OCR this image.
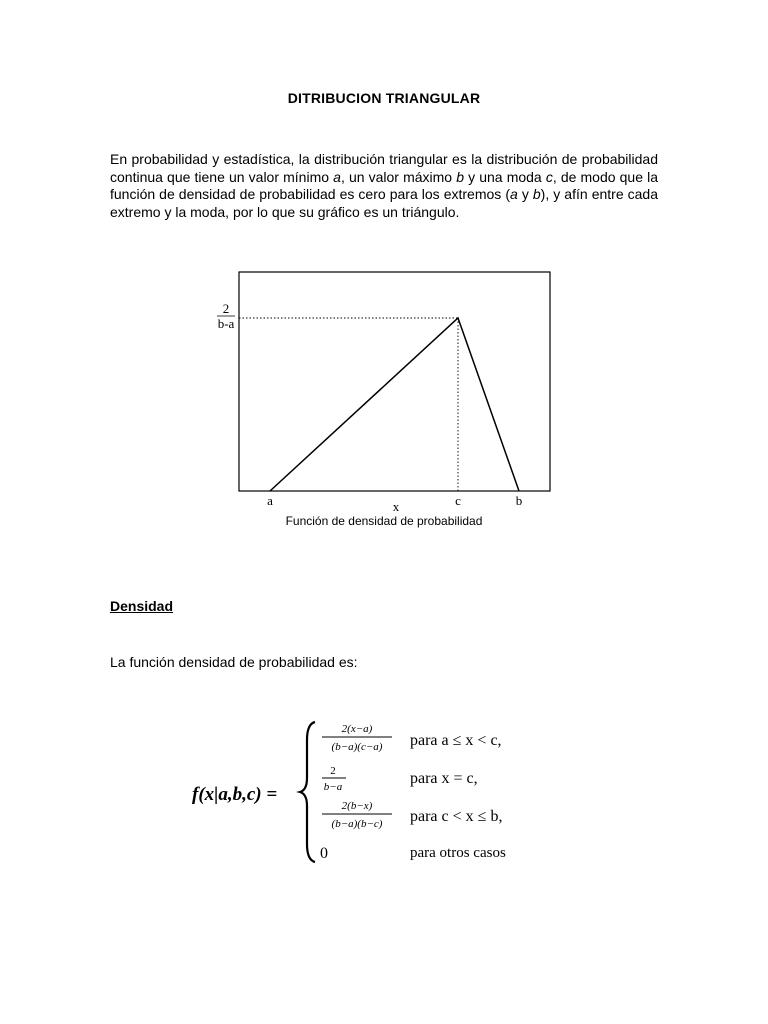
DITRIBUCION TRIANGULAR
En probabilidad y estadística, la distribución triangular es la distribución de probabilidad continua que tiene un valor mínimo a, un valor máximo b y una moda c, de modo que la función de densidad de probabilidad es cero para los extremos (a y b), y afín entre cada extremo y la moda, por lo que su gráfico es un triángulo.
2
b-a
a	c	b
x
Función de densidad de probabilidad
Densidad
La función densidad de probabilidad es:
f(x|a,b,c) =
2(x−a)
(b−a)(c−a) para a ≤ x < c,
2
b−a	para x = c,
2(b−x)
(b−a)(b−c) para c < x ≤ b,
0	para otros casos
